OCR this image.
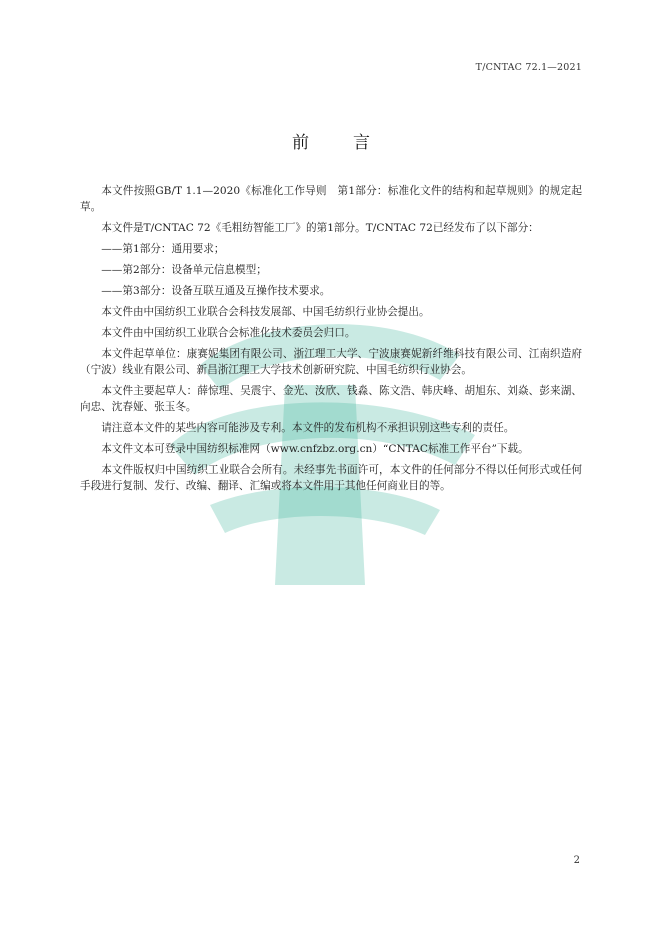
T/CNTAC 72.1—2021
前	言

本文件按照GB/T 1.1—2020《标准化工作导则　第1部分：标准化文件的结构和起草规则》的规定起草。

本文件是T/CNTAC 72《毛粗纺智能工厂》的第1部分。T/CNTAC 72已经发布了以下部分：

——第1部分：通用要求；

——第2部分：设备单元信息模型；

——第3部分：设备互联互通及互操作技术要求。

本文件由中国纺织工业联合会科技发展部、中国毛纺织行业协会提出。

本文件由中国纺织工业联合会标准化技术委员会归口。

本文件起草单位：康赛妮集团有限公司、浙江理工大学、宁波康赛妮新纤维科技有限公司、江南织造府（宁波）线业有限公司、新昌浙江理工大学技术创新研究院、中国毛纺织行业协会。

本文件主要起草人：薛惊理、吴震宇、金光、汝欣、钱淼、陈文浩、韩庆峰、胡旭东、刘焱、彭来湖、向忠、沈春娅、张玉冬。

请注意本文件的某些内容可能涉及专利。本文件的发布机构不承担识别这些专利的责任。

本文件文本可登录中国纺织标准网（www.cnfzbz.org.cn）“CNTAC标准工作平台”下载。

本文件版权归中国纺织工业联合会所有。未经事先书面许可，本文件的任何部分不得以任何形式或任何手段进行复制、发行、改编、翻译、汇编或将本文件用于其他任何商业目的等。

2
